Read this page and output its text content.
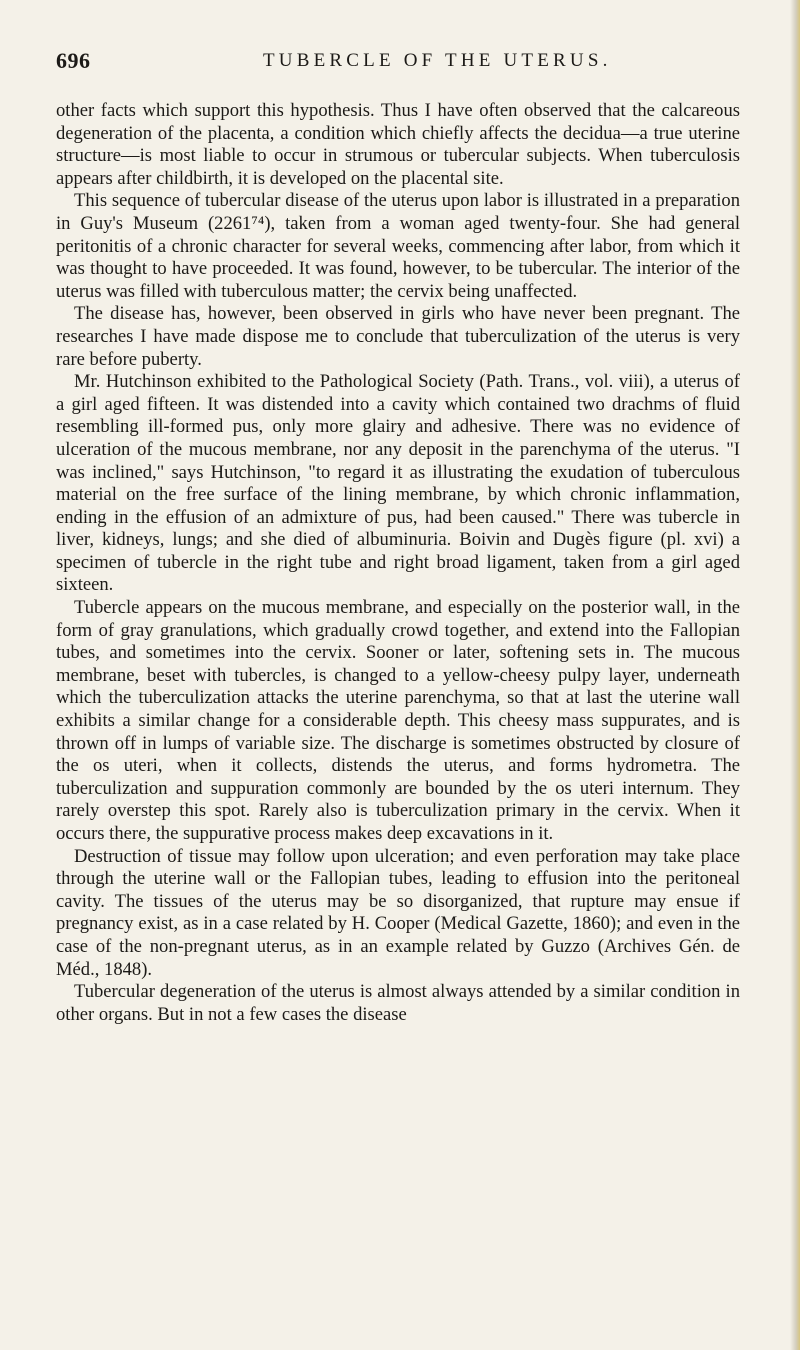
696	TUBERCLE OF THE UTERUS.

other facts which support this hypothesis. Thus I have often observed that the calcareous degeneration of the placenta, a condition which chiefly affects the decidua—a true uterine structure—is most liable to occur in strumous or tubercular subjects. When tuberculosis appears after childbirth, it is developed on the placental site.

This sequence of tubercular disease of the uterus upon labor is illustrated in a preparation in Guy's Museum (2261⁷⁴), taken from a woman aged twenty-four. She had general peritonitis of a chronic character for several weeks, commencing after labor, from which it was thought to have proceeded. It was found, however, to be tubercular. The interior of the uterus was filled with tuberculous matter; the cervix being unaffected.

The disease has, however, been observed in girls who have never been pregnant. The researches I have made dispose me to conclude that tuberculization of the uterus is very rare before puberty.

Mr. Hutchinson exhibited to the Pathological Society (Path. Trans., vol. viii), a uterus of a girl aged fifteen. It was distended into a cavity which contained two drachms of fluid resembling ill-formed pus, only more glairy and adhesive. There was no evidence of ulceration of the mucous membrane, nor any deposit in the parenchyma of the uterus. "I was inclined," says Hutchinson, "to regard it as illustrating the exudation of tuberculous material on the free surface of the lining membrane, by which chronic inflammation, ending in the effusion of an admixture of pus, had been caused." There was tubercle in liver, kidneys, lungs; and she died of albuminuria. Boivin and Dugès figure (pl. xvi) a specimen of tubercle in the right tube and right broad ligament, taken from a girl aged sixteen.

Tubercle appears on the mucous membrane, and especially on the posterior wall, in the form of gray granulations, which gradually crowd together, and extend into the Fallopian tubes, and sometimes into the cervix. Sooner or later, softening sets in. The mucous membrane, beset with tubercles, is changed to a yellow-cheesy pulpy layer, underneath which the tuberculization attacks the uterine parenchyma, so that at last the uterine wall exhibits a similar change for a considerable depth. This cheesy mass suppurates, and is thrown off in lumps of variable size. The discharge is sometimes obstructed by closure of the os uteri, when it collects, distends the uterus, and forms hydrometra. The tuberculization and suppuration commonly are bounded by the os uteri internum. They rarely overstep this spot. Rarely also is tuberculization primary in the cervix. When it occurs there, the suppurative process makes deep excavations in it.

Destruction of tissue may follow upon ulceration; and even perforation may take place through the uterine wall or the Fallopian tubes, leading to effusion into the peritoneal cavity. The tissues of the uterus may be so disorganized, that rupture may ensue if pregnancy exist, as in a case related by H. Cooper (Medical Gazette, 1860); and even in the case of the non-pregnant uterus, as in an example related by Guzzo (Archives Gén. de Méd., 1848).

Tubercular degeneration of the uterus is almost always attended by a similar condition in other organs. But in not a few cases the disease
